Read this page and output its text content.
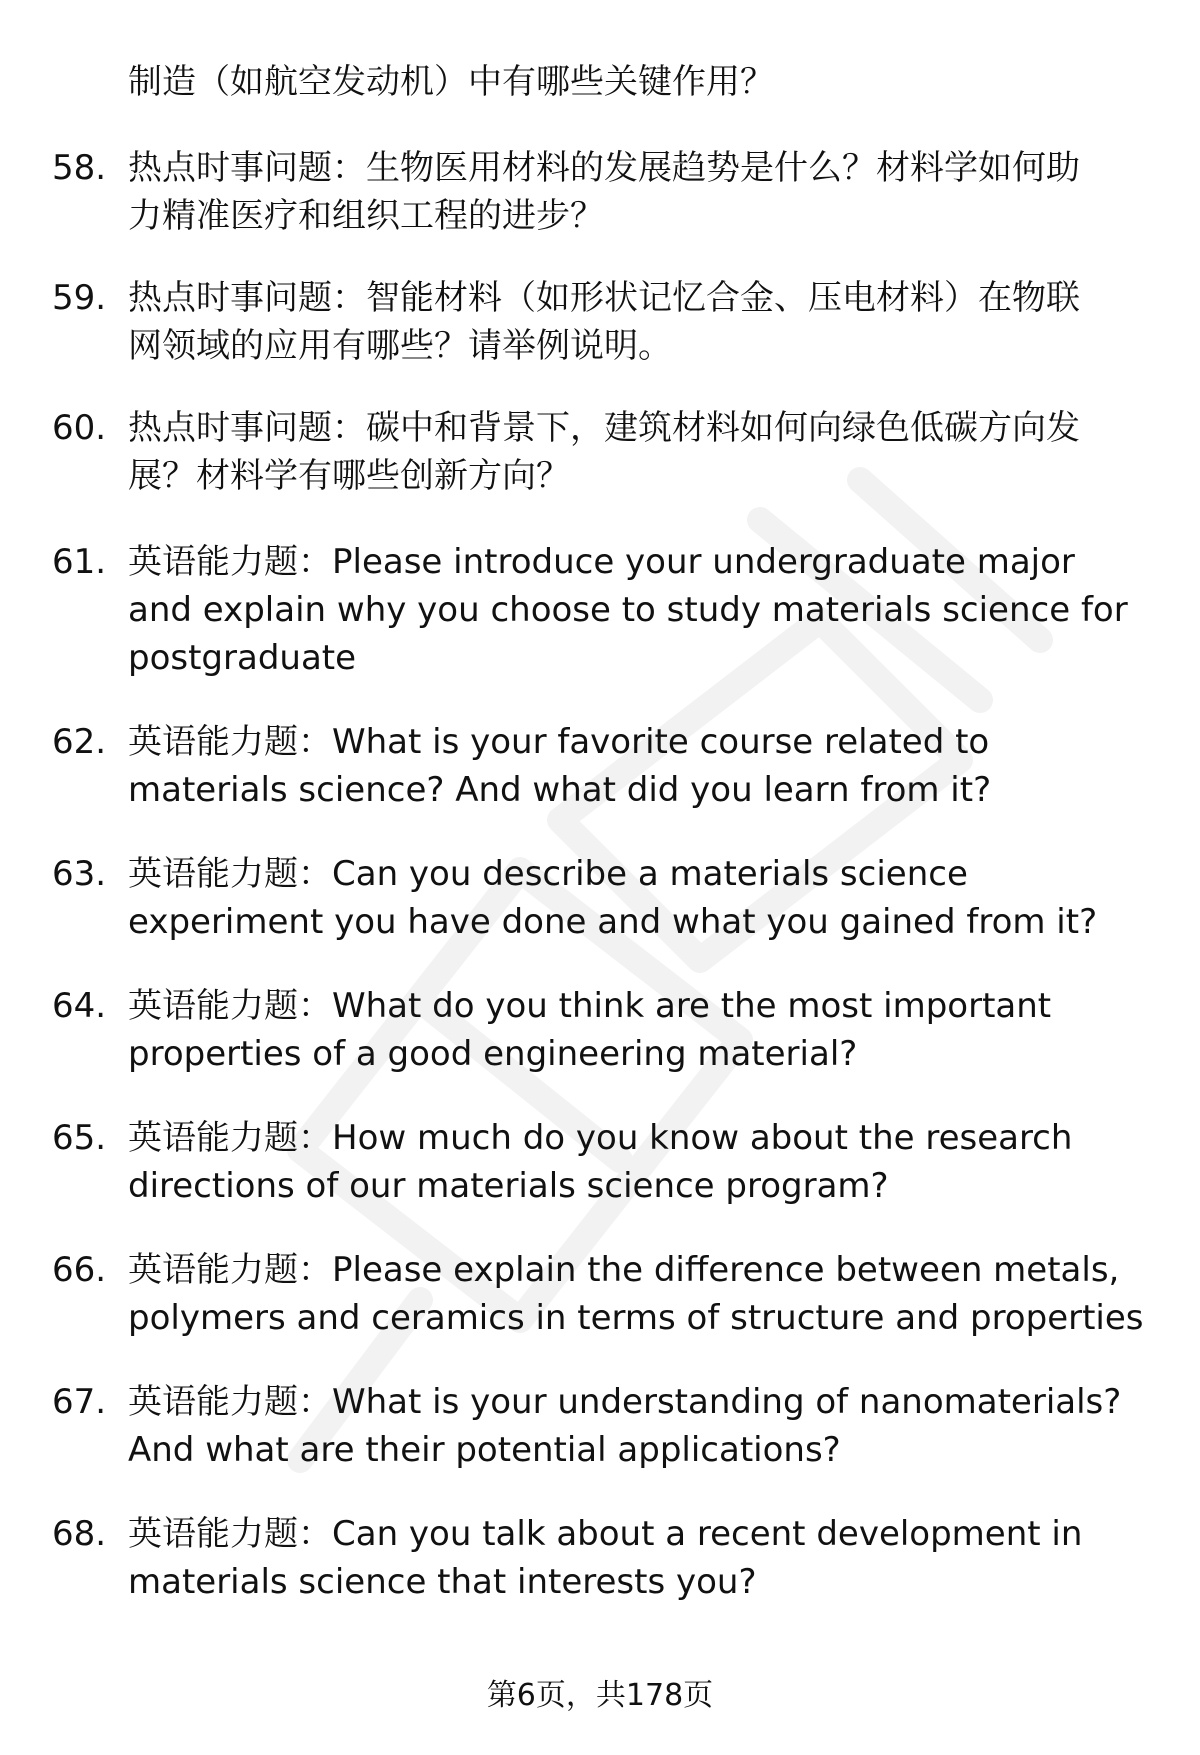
制造（如航空发动机）中有哪些关键作用？
58. 热点时事问题：生物医用材料的发展趋势是什么？材料学如何助
力精准医疗和组织工程的进步？
59. 热点时事问题：智能材料（如形状记忆合金、压电材料）在物联
网领域的应用有哪些？请举例说明。
60. 热点时事问题：碳中和背景下，建筑材料如何向绿色低碳方向发
展？材料学有哪些创新方向？
61. 英语能力题：Please introduce your undergraduate major
and explain why you choose to study materials science for
postgraduate
62. 英语能力题：What is your favorite course related to
materials science? And what did you learn from it?
63. 英语能力题：Can you describe a materials science
experiment you have done and what you gained from it?
64. 英语能力题：What do you think are the most important
properties of a good engineering material?
65. 英语能力题：How much do you know about the research
directions of our materials science program?
66. 英语能力题：Please explain the difference between metals,
polymers and ceramics in terms of structure and properties
67. 英语能力题：What is your understanding of nanomaterials?
And what are their potential applications?
68. 英语能力题：Can you talk about a recent development in
materials science that interests you?
第6页，共178页
